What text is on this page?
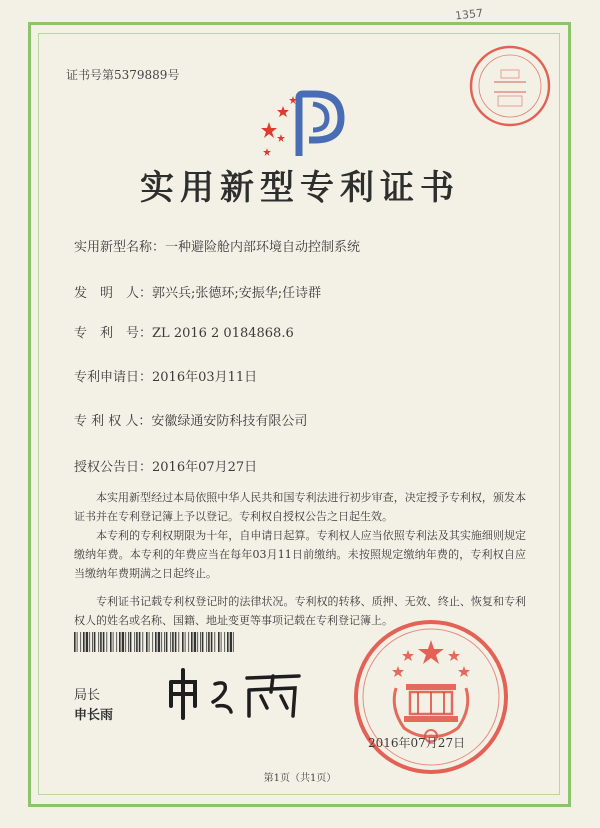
1357
证书号第5379889号
实用新型专利证书
实用新型名称：一种避险舱内部环境自动控制系统
发　明　人：郭兴兵;张德环;安振华;任诗群
专　利　号：ZL 2016 2 0184868.6
专利申请日：2016年03月11日
专 利 权 人：安徽绿通安防科技有限公司
授权公告日：2016年07月27日

本实用新型经过本局依照中华人民共和国专利法进行初步审查，决定授予专利权，颁发本证书并在专利登记簿上予以登记。专利权自授权公告之日起生效。

本专利的专利权期限为十年，自申请日起算。专利权人应当依照专利法及其实施细则规定缴纳年费。本专利的年费应当在每年03月11日前缴纳。未按照规定缴纳年费的，专利权自应当缴纳年费期满之日起终止。

专利证书记载专利权登记时的法律状况。专利权的转移、质押、无效、终止、恢复和专利权人的姓名或名称、国籍、地址变更等事项记载在专利登记簿上。

局长
申长雨
2016年07月27日
第1页（共1页）
